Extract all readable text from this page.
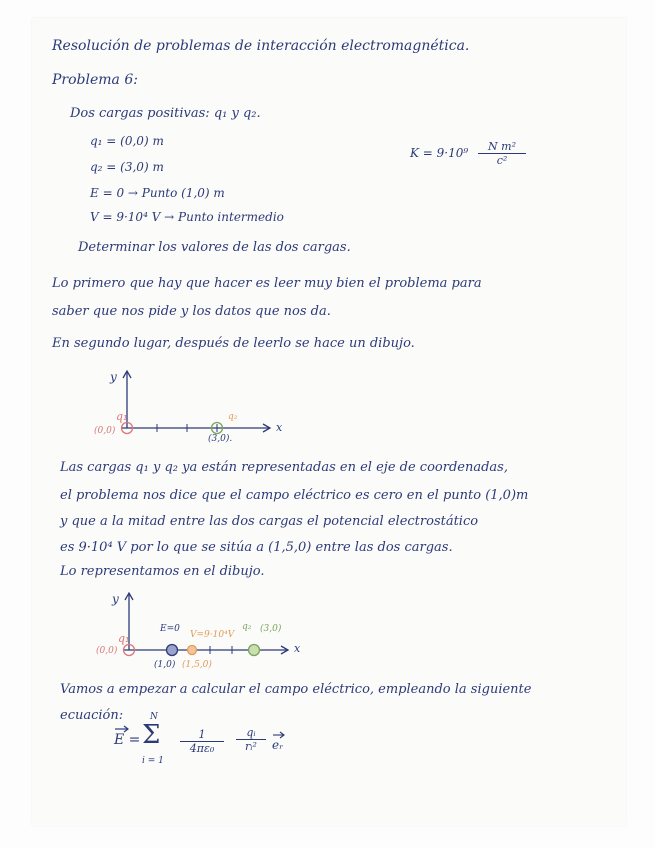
Resolución de problemas de interacción electromagnética.
Problema 6:
Dos cargas positivas: q₁ y q₂.
q₁ = (0,0) m
q₂ = (3,0) m
$K = 9\cdot 10^9 \frac{\text{N m²}}{\text{c²}}$
E = 0 → Punto (1,0) m
V = 9·10⁴ V → Punto intermedio
Determinar los valores de las dos cargas.
Lo primero que hay que hacer es leer muy bien el problema para
saber que nos pide y los datos que nos da.
En segundo lugar, después de leerlo se hace un dibujo.
y
x
q₁
(0,0)
q₂
(3,0).
Las cargas q₁ y q₂ ya están representadas en el eje de coordenadas,
el problema nos dice que el campo eléctrico es cero en el punto (1,0)m
y que a la mitad entre las dos cargas el potencial electrostático
es 9·10⁴ V por lo que se sitúa a (1,5,0) entre las dos cargas.
Lo representamos en el dibujo.
y
x
q₁
(0,0)
E=0
(1,0)
V=9·10⁴V
(1,5,0)
q₂ (3,0)
Vamos a empezar a calcular el campo eléctrico, empleando la siguiente
ecuación:
E =
N
Σ
i = 1
$\frac{1}{\text{4πε₀}} \frac{\text{qᵢ}}{\text{rᵢ²}}$ eᵣ
